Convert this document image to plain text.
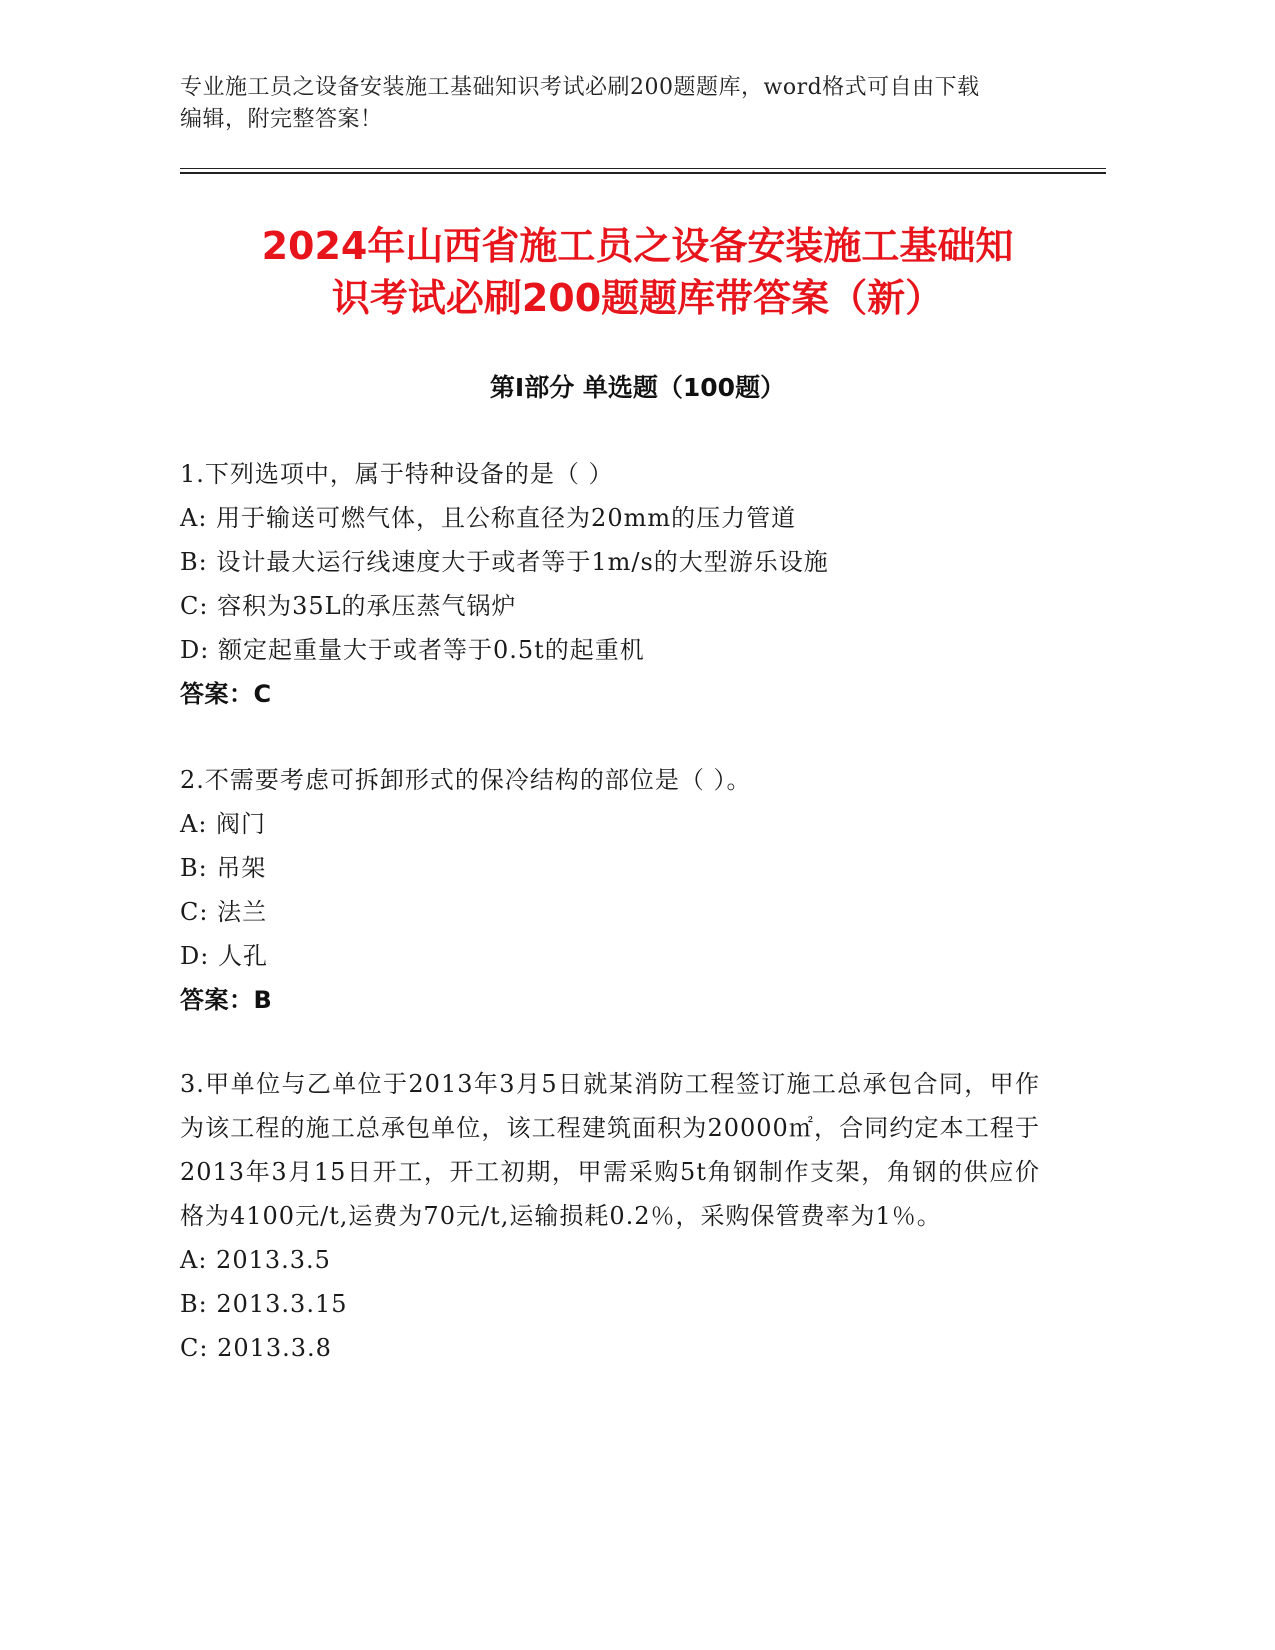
专业施工员之设备安装施工基础知识考试必刷200题题库，word格式可自由下载
编辑，附完整答案！
2024年山西省施工员之设备安装施工基础知
识考试必刷200题题库带答案（新）
第I部分 单选题（100题）
1.下列选项中，属于特种设备的是（ ）
A: 用于输送可燃气体，且公称直径为20mm的压力管道
B: 设计最大运行线速度大于或者等于1m/s的大型游乐设施
C: 容积为35L的承压蒸气锅炉
D: 额定起重量大于或者等于0.5t的起重机
答案：C
2.不需要考虑可拆卸形式的保冷结构的部位是（ ）。
A: 阀门
B: 吊架
C: 法兰
D: 人孔
答案：B
3.甲单位与乙单位于2013年3月5日就某消防工程签订施工总承包合同，甲作为该工程的施工总承包单位，该工程建筑面积为20000㎡，合同约定本工程于2013年3月15日开工，开工初期，甲需采购5t角钢制作支架，角钢的供应价格为4100元/t,运费为70元/t,运输损耗0.2％，采购保管费率为1％。
A: 2013.3.5
B: 2013.3.15
C: 2013.3.8
